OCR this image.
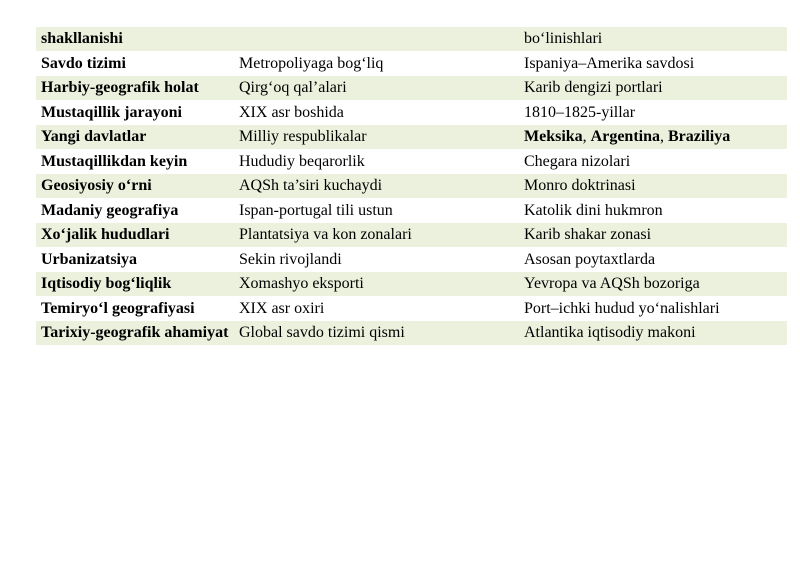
shakllanishi		bo‘linishlari
Savdo tizimi	Metropoliyaga bog‘liq	Ispaniya–Amerika savdosi
Harbiy-geografik holat	Qirg‘oq qal’alari	Karib dengizi portlari
Mustaqillik jarayoni	XIX asr boshida	1810–1825-yillar
Yangi davlatlar	Milliy respublikalar	Meksika, Argentina, Braziliya
Mustaqillikdan keyin	Hududiy beqarorlik	Chegara nizolari
Geosiyosiy o‘rni	AQSh ta’siri kuchaydi	Monro doktrinasi
Madaniy geografiya	Ispan-portugal tili ustun	Katolik dini hukmron
Xo‘jalik hududlari	Plantatsiya va kon zonalari	Karib shakar zonasi
Urbanizatsiya	Sekin rivojlandi	Asosan poytaxtlarda
Iqtisodiy bog‘liqlik	Xomashyo eksporti	Yevropa va AQSh bozoriga
Temiryo‘l geografiyasi	XIX asr oxiri	Port–ichki hudud yo‘nalishlari
Tarixiy-geografik ahamiyat	Global savdo tizimi qismi	Atlantika iqtisodiy makoni
